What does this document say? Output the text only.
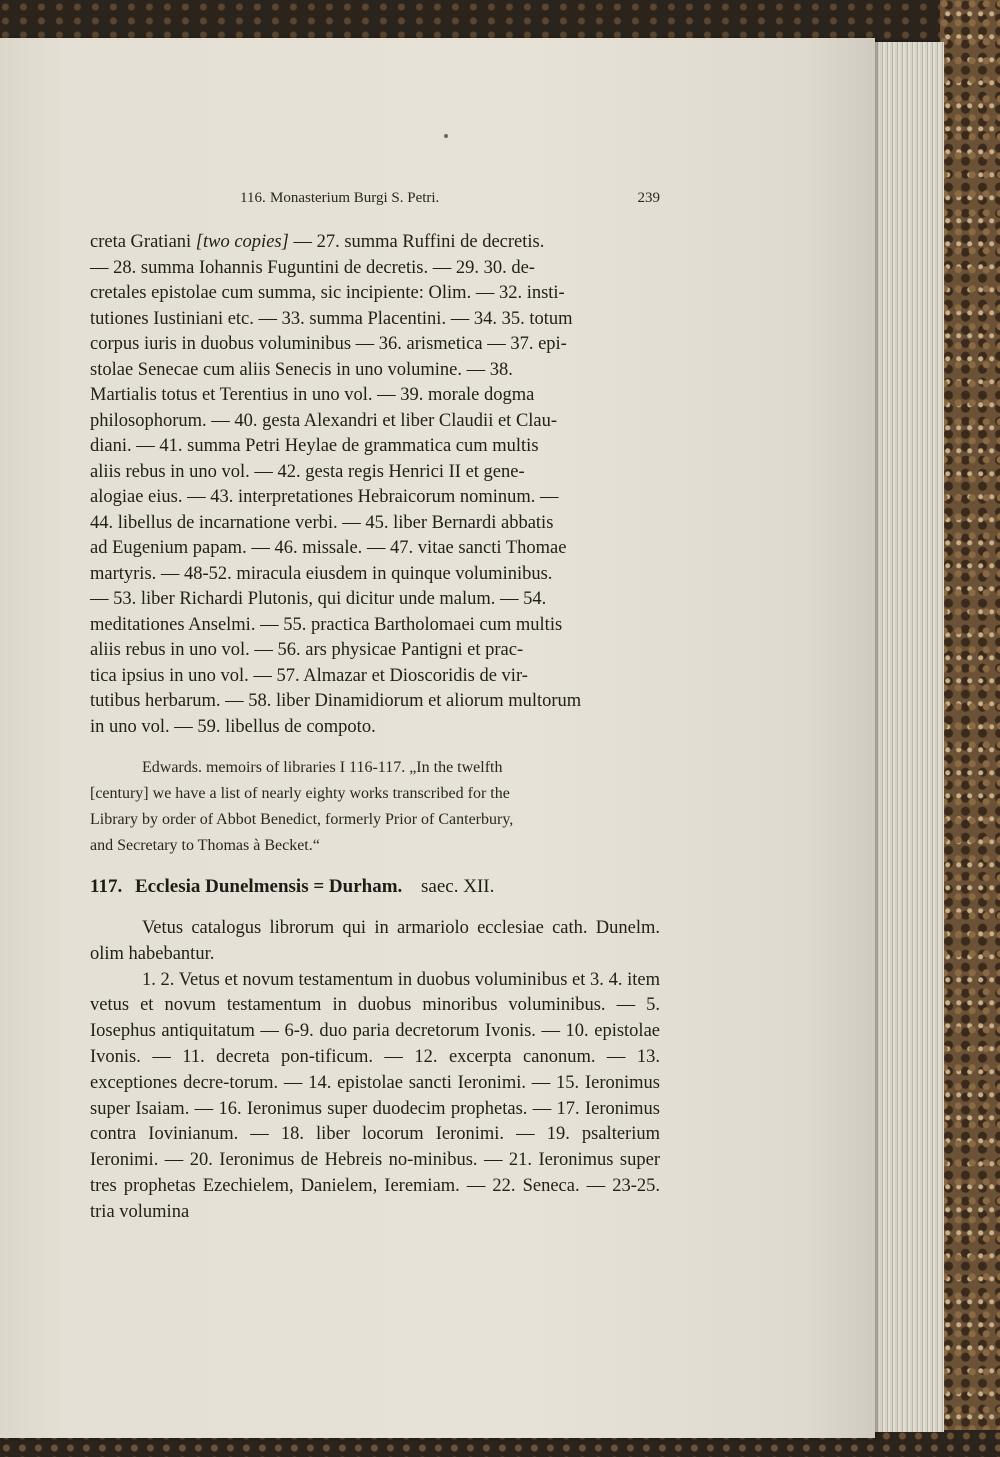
116. Monasterium Burgi S. Petri.	239

creta Gratiani [two copies] — 27. summa Ruffini de decretis.

— 28. summa Iohannis Fuguntini de decretis. — 29. 30. de-

cretales epistolae cum summa, sic incipiente: Olim. — 32. insti-

tutiones Iustiniani etc. — 33. summa Placentini. — 34. 35. totum

corpus iuris in duobus voluminibus — 36. arismetica — 37. epi-

stolae Senecae cum aliis Senecis in uno volumine. — 38.

Martialis totus et Terentius in uno vol. — 39. morale dogma

philosophorum. — 40. gesta Alexandri et liber Claudii et Clau-

diani. — 41. summa Petri Heylae de grammatica cum multis

aliis rebus in uno vol. — 42. gesta regis Henrici II et gene-

alogiae eius. — 43. interpretationes Hebraicorum nominum. —

44. libellus de incarnatione verbi. — 45. liber Bernardi abbatis

ad Eugenium papam. — 46. missale. — 47. vitae sancti Thomae

martyris. — 48-52. miracula eiusdem in quinque voluminibus.

— 53. liber Richardi Plutonis, qui dicitur unde malum. — 54.

meditationes Anselmi. — 55. practica Bartholomaei cum multis

aliis rebus in uno vol. — 56. ars physicae Pantigni et prac-

tica ipsius in uno vol. — 57. Almazar et Dioscoridis de vir-

tutibus herbarum. — 58. liber Dinamidiorum et aliorum multorum

in uno vol. — 59. libellus de compoto.

Edwards. memoirs of libraries I 116-117. „In the twelfth
[century] we have a list of nearly eighty works transcribed for the
Library by order of Abbot Benedict, formerly Prior of Canterbury,
and Secretary to Thomas à Becket.“
117. Ecclesia Dunelmensis = Durham. saec. XII.

Vetus catalogus librorum qui in armariolo ecclesiae cath. Dunelm. olim habebantur.

1. 2. Vetus et novum testamentum in duobus voluminibus et 3. 4. item vetus et novum testamentum in duobus minoribus voluminibus. — 5. Iosephus antiquitatum — 6-9. duo paria decretorum Ivonis. — 10. epistolae Ivonis. — 11. decreta pon-tificum. — 12. excerpta canonum. — 13. exceptiones decre-torum. — 14. epistolae sancti Ieronimi. — 15. Ieronimus super Isaiam. — 16. Ieronimus super duodecim prophetas. — 17. Ieronimus contra Iovinianum. — 18. liber locorum Ieronimi. — 19. psalterium Ieronimi. — 20. Ieronimus de Hebreis no-minibus. — 21. Ieronimus super tres prophetas Ezechielem, Danielem, Ieremiam. — 22. Seneca. — 23-25. tria volumina
